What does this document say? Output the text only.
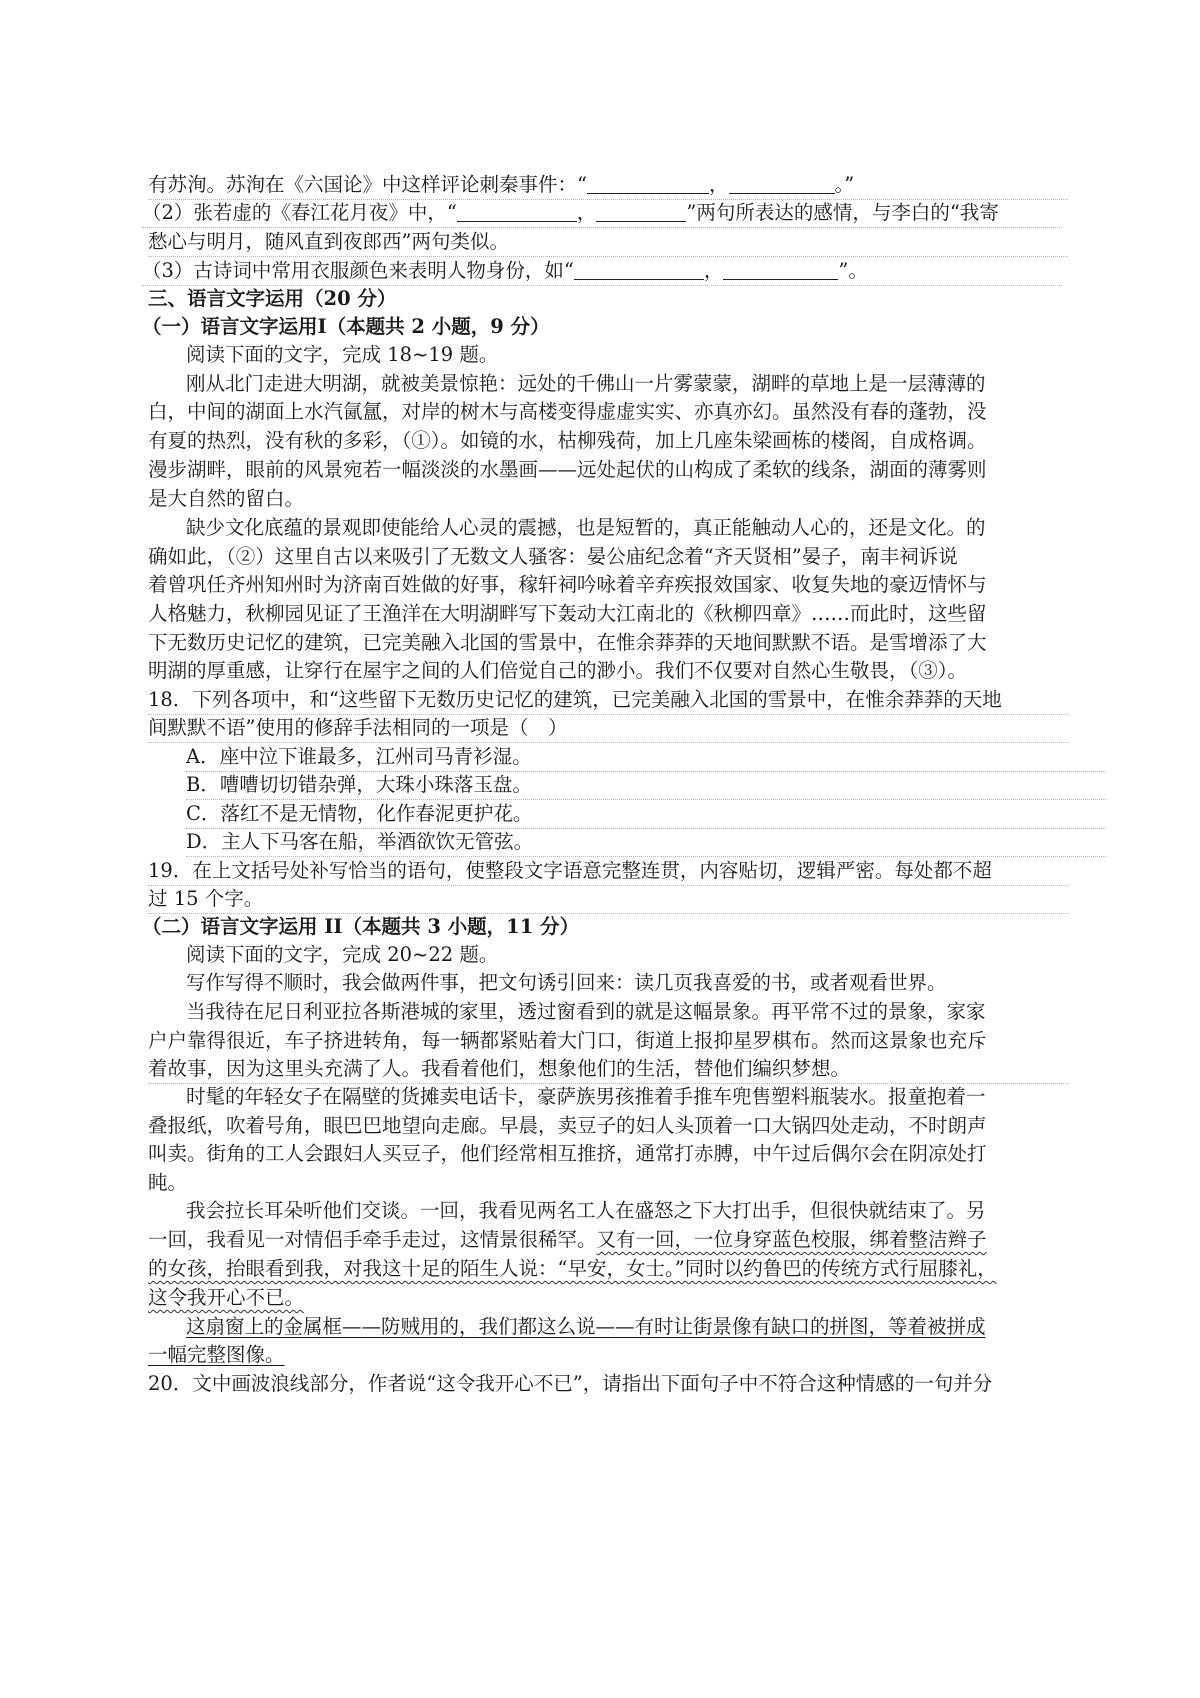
有苏洵。苏洵在《六国论》中这样评论刺秦事件：“	，	。”
（2）张若虚的《春江花月夜》中，“	，	”两句所表达的感情，与李白的“我寄
愁心与明月，随风直到夜郎西”两句类似。
（3）古诗词中常用衣服颜色来表明人物身份，如“	，	”。
三、语言文字运用（20 分）
（一）语言文字运用Ⅰ（本题共 2 小题，9 分）
阅读下面的文字，完成 18~19 题。
刚从北门走进大明湖，就被美景惊艳：远处的千佛山一片雾蒙蒙，湖畔的草地上是一层薄薄的
白，中间的湖面上水汽氤氲，对岸的树木与高楼变得虚虚实实、亦真亦幻。虽然没有春的蓬勃，没
有夏的热烈，没有秋的多彩，（①）。如镜的水，枯柳残荷，加上几座朱梁画栋的楼阁，自成格调。
漫步湖畔，眼前的风景宛若一幅淡淡的水墨画——远处起伏的山构成了柔软的线条，湖面的薄雾则
是大自然的留白。
缺少文化底蕴的景观即使能给人心灵的震撼，也是短暂的，真正能触动人心的，还是文化。的
确如此，（②）这里自古以来吸引了无数文人骚客：晏公庙纪念着“齐天贤相”晏子，南丰祠诉说
着曾巩任齐州知州时为济南百姓做的好事，稼轩祠吟咏着辛弃疾报效国家、收复失地的豪迈情怀与
人格魅力，秋柳园见证了王渔洋在大明湖畔写下轰动大江南北的《秋柳四章》……而此时，这些留
下无数历史记忆的建筑，已完美融入北国的雪景中，在惟余莽莽的天地间默默不语。是雪增添了大
明湖的厚重感，让穿行在屋宇之间的人们倍觉自己的渺小。我们不仅要对自然心生敬畏，（③）。
18．下列各项中，和“这些留下无数历史记忆的建筑，已完美融入北国的雪景中，在惟余莽莽的天地
间默默不语”使用的修辞手法相同的一项是（　）
A．座中泣下谁最多，江州司马青衫湿。
B．嘈嘈切切错杂弹，大珠小珠落玉盘。
C．落红不是无情物，化作春泥更护花。
D．主人下马客在船，举酒欲饮无管弦。
19．在上文括号处补写恰当的语句，使整段文字语意完整连贯，内容贴切，逻辑严密。每处都不超
过 15 个字。
（二）语言文字运用 II（本题共 3 小题，11 分）
阅读下面的文字，完成 20~22 题。
写作写得不顺时，我会做两件事，把文句诱引回来：读几页我喜爱的书，或者观看世界。
当我待在尼日利亚拉各斯港城的家里，透过窗看到的就是这幅景象。再平常不过的景象，家家
户户靠得很近，车子挤进转角，每一辆都紧贴着大门口，街道上报抑星罗棋布。然而这景象也充斥
着故事，因为这里头充满了人。我看着他们，想象他们的生活，替他们编织梦想。
时髦的年轻女子在隔壁的货摊卖电话卡，豪萨族男孩推着手推车兜售塑料瓶装水。报童抱着一
叠报纸，吹着号角，眼巴巴地望向走廊。早晨，卖豆子的妇人头顶着一口大锅四处走动，不时朗声
叫卖。街角的工人会跟妇人买豆子，他们经常相互推挤，通常打赤膊，中午过后偶尔会在阴凉处打
盹。
我会拉长耳朵听他们交谈。一回，我看见两名工人在盛怒之下大打出手，但很快就结束了。另
一回，我看见一对情侣手牵手走过，这情景很稀罕。又有一回，一位身穿蓝色校服，绑着整洁辫子
的女孩，抬眼看到我，对我这十足的陌生人说：“早安，女士。”同时以约鲁巴的传统方式行屈膝礼，
这令我开心不已。
这扇窗上的金属框——防贼用的，我们都这么说——有时让街景像有缺口的拼图，等着被拼成
一幅完整图像。
20．文中画波浪线部分，作者说“这令我开心不已”，请指出下面句子中不符合这种情感的一句并分
